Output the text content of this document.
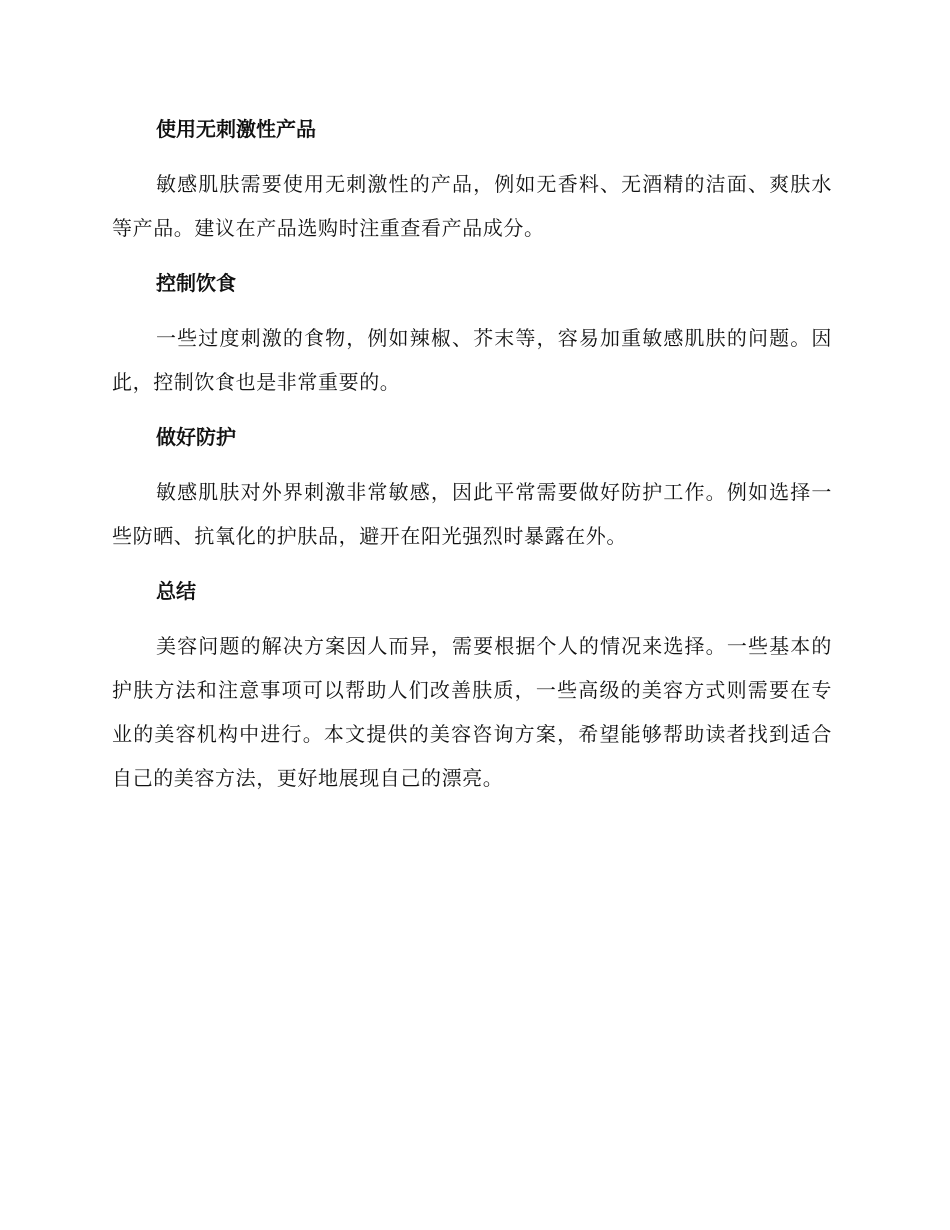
使用无刺激性产品

敏感肌肤需要使用无刺激性的产品，例如无香料、无酒精的洁面、爽肤水等产品。建议在产品选购时注重查看产品成分。

控制饮食

一些过度刺激的食物，例如辣椒、芥末等，容易加重敏感肌肤的问题。因此，控制饮食也是非常重要的。

做好防护

敏感肌肤对外界刺激非常敏感，因此平常需要做好防护工作。例如选择一些防晒、抗氧化的护肤品，避开在阳光强烈时暴露在外。

总结

美容问题的解决方案因人而异，需要根据个人的情况来选择。一些基本的护肤方法和注意事项可以帮助人们改善肤质，一些高级的美容方式则需要在专业的美容机构中进行。本文提供的美容咨询方案，希望能够帮助读者找到适合自己的美容方法，更好地展现自己的漂亮。
